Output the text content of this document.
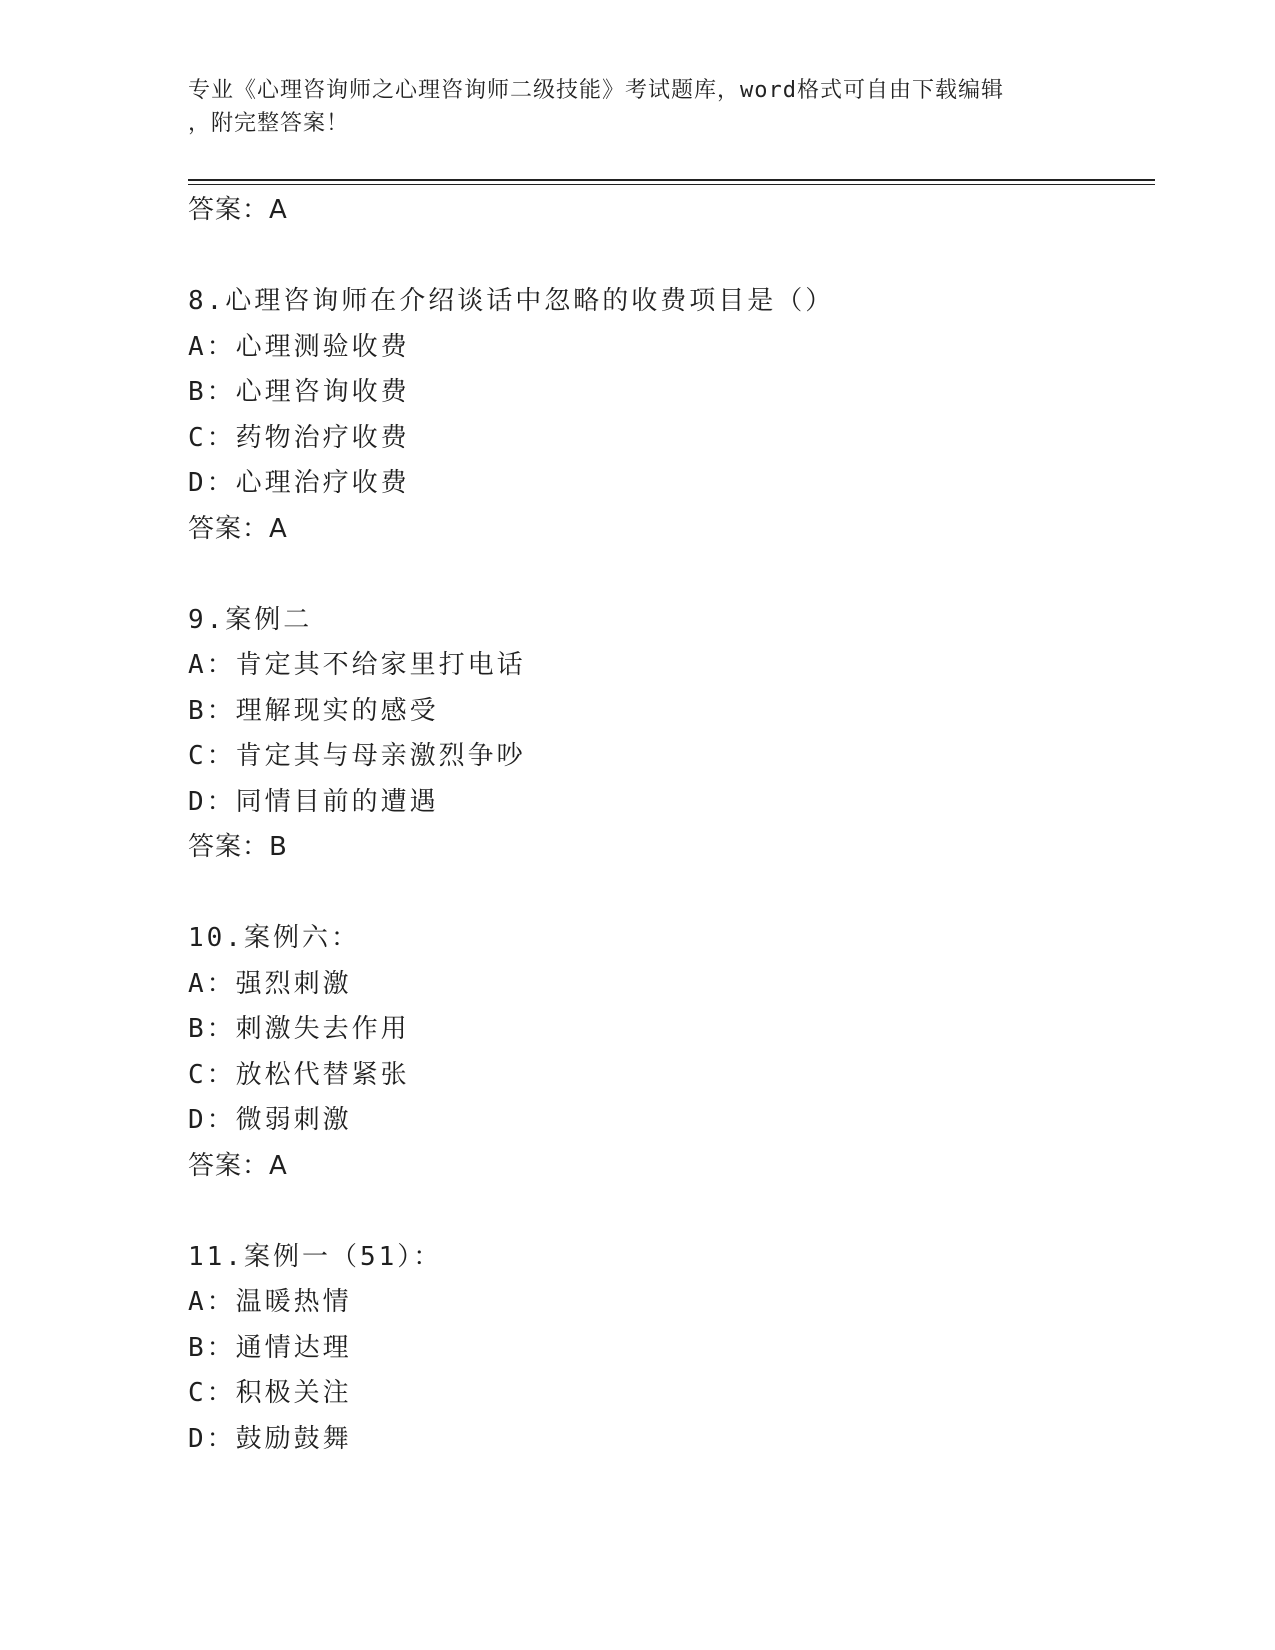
专业《心理咨询师之心理咨询师二级技能》考试题库，word格式可自由下载编辑
，附完整答案！
答案：A
8.心理咨询师在介绍谈话中忽略的收费项目是（）
A：心理测验收费
B：心理咨询收费
C：药物治疗收费
D：心理治疗收费
答案：A
9.案例二
A：肯定其不给家里打电话
B：理解现实的感受
C：肯定其与母亲激烈争吵
D：同情目前的遭遇
答案：B
10.案例六：
A：强烈刺激
B：刺激失去作用
C：放松代替紧张
D：微弱刺激
答案：A
11.案例一（51）：
A：温暖热情
B：通情达理
C：积极关注
D：鼓励鼓舞
